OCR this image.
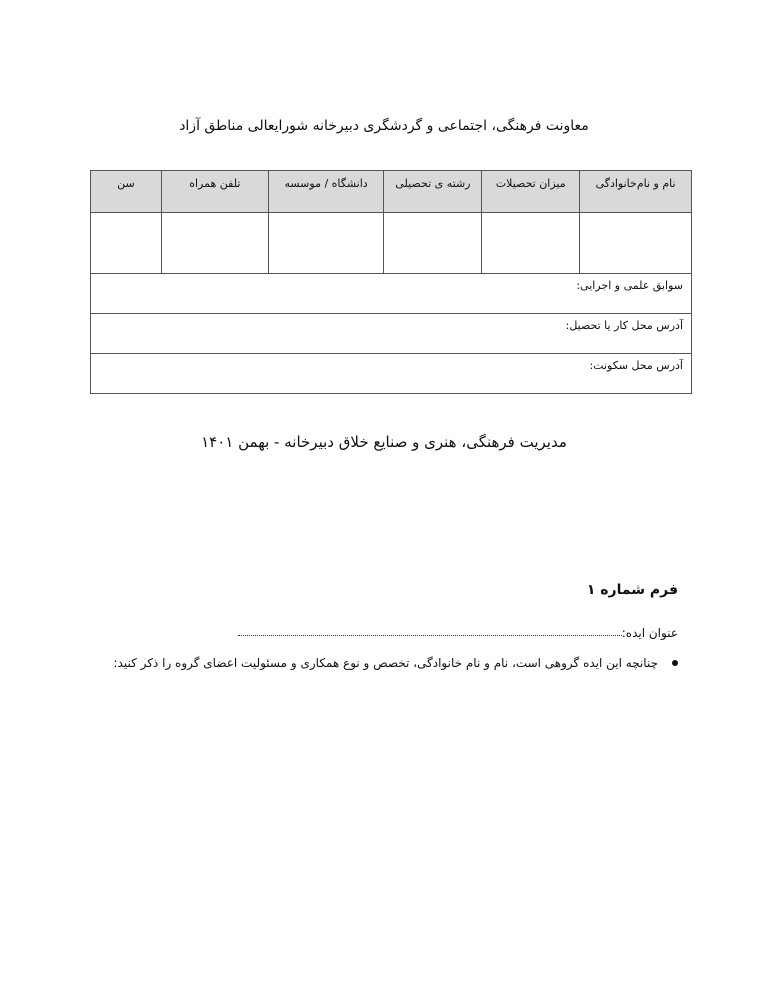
معاونت فرهنگی، اجتماعی و گردشگری دبیرخانه شورایعالی مناطق آزاد
نام و نام‌خانوادگی	میزان تحصیلات	رشته ی تحصیلی	دانشگاه / موسسه	تلفن همراه	سن

سوابق علمی و اجرایی:					
آدرس محل کار یا تحصیل:					
آدرس محل سکونت:					
مدیریت فرهنگی، هنری و صنایع خلاق دبیرخانه - بهمن ۱۴۰۱
فرم شماره ۱
عنوان ایده:
چنانچه این ایده گروهی است، نام و نام خانوادگی، تخصص و نوع همکاری و مسئولیت اعضای گروه را ذکر کنید:
